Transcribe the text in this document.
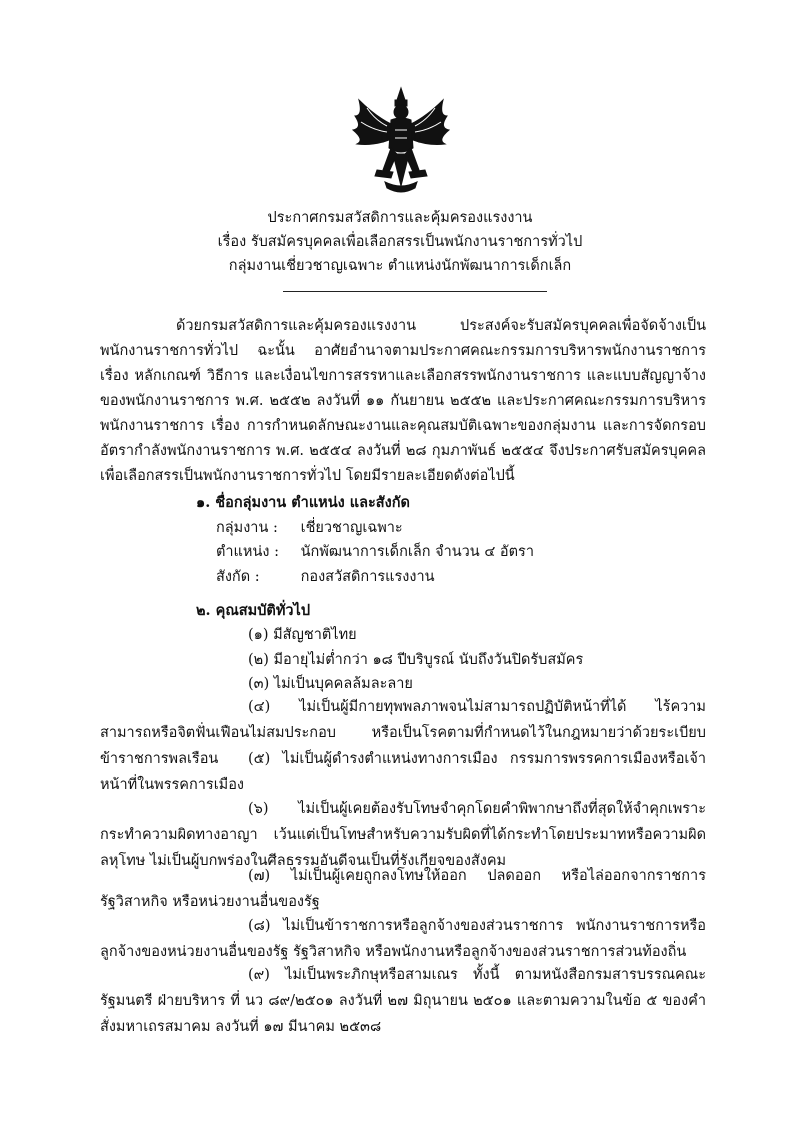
ประกาศกรมสวัสดิการและคุ้มครองแรงงาน
เรื่อง รับสมัครบุคคลเพื่อเลือกสรรเป็นพนักงานราชการทั่วไป
กลุ่มงานเชี่ยวชาญเฉพาะ ตำแหน่งนักพัฒนาการเด็กเล็ก
ด้วยกรมสวัสดิการและคุ้มครองแรงงาน ประสงค์จะรับสมัครบุคคลเพื่อจัดจ้างเป็นพนักงานราชการทั่วไป ฉะนั้น อาศัยอำนาจตามประกาศคณะกรรมการบริหารพนักงานราชการ เรื่อง หลักเกณฑ์ วิธีการ และเงื่อนไขการสรรหาและเลือกสรรพนักงานราชการ และแบบสัญญาจ้างของพนักงานราชการ พ.ศ. ๒๕๕๒ ลงวันที่ ๑๑ กันยายน ๒๕๕๒ และประกาศคณะกรรมการบริหารพนักงานราชการ เรื่อง การกำหนดลักษณะงานและคุณสมบัติเฉพาะของกลุ่มงาน และการจัดกรอบอัตรากำลังพนักงานราชการ พ.ศ. ๒๕๕๔ ลงวันที่ ๒๘ กุมภาพันธ์ ๒๕๕๔ จึงประกาศรับสมัครบุคคลเพื่อเลือกสรรเป็นพนักงานราชการทั่วไป โดยมีรายละเอียดดังต่อไปนี้
๑. ชื่อกลุ่มงาน ตำแหน่ง และสังกัด
กลุ่มงาน : เชี่ยวชาญเฉพาะ
ตำแหน่ง : นักพัฒนาการเด็กเล็ก จำนวน ๔ อัตรา
สังกัด :	กองสวัสดิการแรงงาน
๒. คุณสมบัติทั่วไป
(๑) มีสัญชาติไทย
(๒) มีอายุไม่ต่ำกว่า ๑๘ ปีบริบูรณ์ นับถึงวันปิดรับสมัคร
(๓) ไม่เป็นบุคคลล้มละลาย
(๔) ไม่เป็นผู้มีกายทุพพลภาพจนไม่สามารถปฏิบัติหน้าที่ได้ ไร้ความสามารถหรือจิตฟั่นเฟือนไม่สมประกอบ หรือเป็นโรคตามที่กำหนดไว้ในกฎหมายว่าด้วยระเบียบข้าราชการพลเรือน	(๕) ไม่เป็นผู้ดำรงตำแหน่งทางการเมือง กรรมการพรรคการเมืองหรือเจ้าหน้าที่ในพรรคการเมือง
(๖) ไม่เป็นผู้เคยต้องรับโทษจำคุกโดยคำพิพากษาถึงที่สุดให้จำคุกเพราะกระทำความผิดทางอาญา เว้นแต่เป็นโทษสำหรับความรับผิดที่ได้กระทำโดยประมาทหรือความผิดลหุโทษ ไม่เป็นผู้บกพร่องในศีลธรรมอันดีจนเป็นที่รังเกียจของสังคม
(๗) ไม่เป็นผู้เคยถูกลงโทษให้ออก ปลดออก หรือไล่ออกจากราชการ รัฐวิสาหกิจ หรือหน่วยงานอื่นของรัฐ
(๘) ไม่เป็นข้าราชการหรือลูกจ้างของส่วนราชการ พนักงานราชการหรือลูกจ้างของหน่วยงานอื่นของรัฐ รัฐวิสาหกิจ หรือพนักงานหรือลูกจ้างของส่วนราชการส่วนท้องถิ่น
(๙) ไม่เป็นพระภิกษุหรือสามเณร ทั้งนี้ ตามหนังสือกรมสารบรรณคณะรัฐมนตรี ฝ่ายบริหาร ที่ นว ๘๙/๒๕๐๑ ลงวันที่ ๒๗ มิถุนายน ๒๕๐๑ และตามความในข้อ ๕ ของคำสั่งมหาเถรสมาคม ลงวันที่ ๑๗ มีนาคม ๒๕๓๘
